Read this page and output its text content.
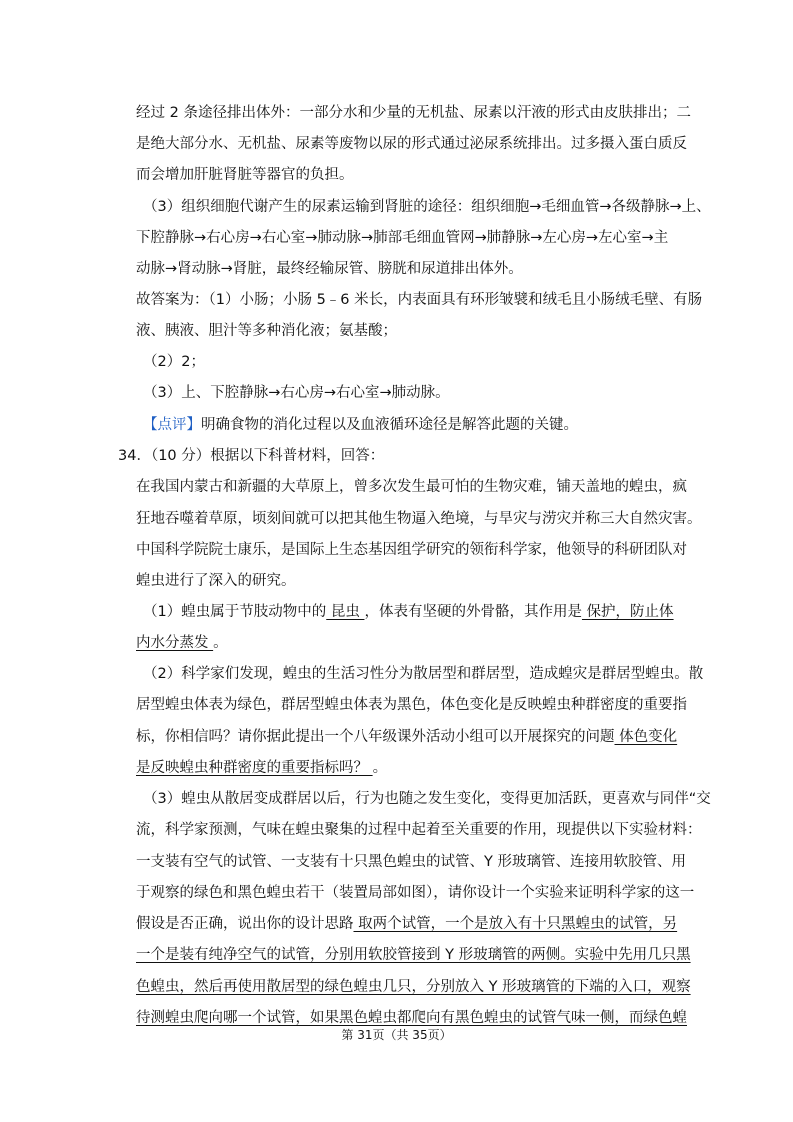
经过 2 条途径排出体外：一部分水和少量的无机盐、尿素以汗液的形式由皮肤排出；二
是绝大部分水、无机盐、尿素等废物以尿的形式通过泌尿系统排出。过多摄入蛋白质反
而会增加肝脏肾脏等器官的负担。
（3）组织细胞代谢产生的尿素运输到肾脏的途径：组织细胞→毛细血管→各级静脉→上、
下腔静脉→右心房→右心室→肺动脉→肺部毛细血管网→肺静脉→左心房→左心室→主
动脉→肾动脉→肾脏，最终经输尿管、膀胱和尿道排出体外。
故答案为：（1）小肠；小肠 5﹣6 米长，内表面具有环形皱襞和绒毛且小肠绒毛壁、有肠
液、胰液、胆汁等多种消化液；氨基酸；
（2）2；
（3）上、下腔静脉→右心房→右心室→肺动脉。
【点评】明确食物的消化过程以及血液循环途径是解答此题的关键。
34．（10 分）根据以下科普材料，回答：
在我国内蒙古和新疆的大草原上，曾多次发生最可怕的生物灾难，铺天盖地的蝗虫，疯
狂地吞噬着草原，顷刻间就可以把其他生物逼入绝境，与旱灾与涝灾并称三大自然灾害。
中国科学院院士康乐，是国际上生态基因组学研究的领衔科学家，他领导的科研团队对
蝗虫进行了深入的研究。
（1）蝗虫属于节肢动物中的 昆虫 ，体表有坚硬的外骨骼，其作用是 保护，防止体
内水分蒸发 。
（2）科学家们发现，蝗虫的生活习性分为散居型和群居型，造成蝗灾是群居型蝗虫。散
居型蝗虫体表为绿色，群居型蝗虫体表为黑色，体色变化是反映蝗虫种群密度的重要指
标，你相信吗？请你据此提出一个八年级课外活动小组可以开展探究的问题 体色变化
是反映蝗虫种群密度的重要指标吗？ 。
（3）蝗虫从散居变成群居以后，行为也随之发生变化，变得更加活跃，更喜欢与同伴“交
流，科学家预测，气味在蝗虫聚集的过程中起着至关重要的作用，现提供以下实验材料：
一支装有空气的试管、一支装有十只黑色蝗虫的试管、Y 形玻璃管、连接用软胶管、用
于观察的绿色和黑色蝗虫若干（装置局部如图），请你设计一个实验来证明科学家的这一
假设是否正确，说出你的设计思路 取两个试管，一个是放入有十只黑蝗虫的试管，另
一个是装有纯净空气的试管，分别用软胶管接到 Y 形玻璃管的两侧。实验中先用几只黑
色蝗虫，然后再使用散居型的绿色蝗虫几只，分别放入 Y 形玻璃管的下端的入口，观察
待测蝗虫爬向哪一个试管，如果黑色蝗虫都爬向有黑色蝗虫的试管气味一侧，而绿色蝗
第 31页（共 35页）
